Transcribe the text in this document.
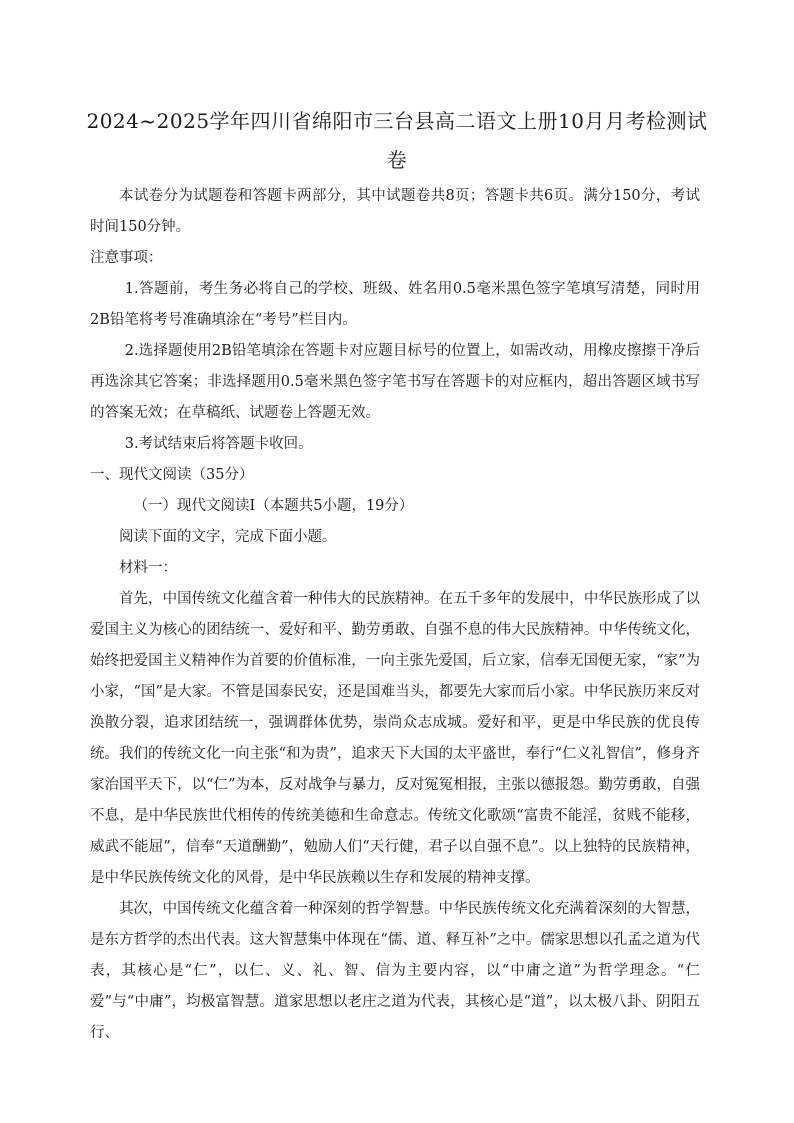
2024~2025学年四川省绵阳市三台县高二语文上册10月月考检测试
卷

本试卷分为试题卷和答题卡两部分，其中试题卷共8页；答题卡共6页。满分150分，考试时间150分钟。

注意事项：

1.答题前，考生务必将自己的学校、班级、姓名用0.5毫米黑色签字笔填写清楚，同时用2B铅笔将考号准确填涂在“考号”栏目内。

2.选择题使用2B铅笔填涂在答题卡对应题目标号的位置上，如需改动，用橡皮擦擦干净后再选涂其它答案；非选择题用0.5毫米黑色签字笔书写在答题卡的对应框内，超出答题区域书写的答案无效；在草稿纸、试题卷上答题无效。

3.考试结束后将答题卡收回。

一、现代文阅读（35分）

（一）现代文阅读Ⅰ（本题共5小题，19分）

阅读下面的文字，完成下面小题。

材料一：

首先，中国传统文化蕴含着一种伟大的民族精神。在五千多年的发展中，中华民族形成了以爱国主义为核心的团结统一、爱好和平、勤劳勇敢、自强不息的伟大民族精神。中华传统文化，始终把爱国主义精神作为首要的价值标准，一向主张先爱国，后立家，信奉无国便无家，“家”为小家，“国”是大家。不管是国泰民安，还是国难当头，都要先大家而后小家。中华民族历来反对涣散分裂，追求团结统一，强调群体优势，崇尚众志成城。爱好和平，更是中华民族的优良传统。我们的传统文化一向主张“和为贵”，追求天下大国的太平盛世，奉行“仁义礼智信”，修身齐家治国平天下，以“仁”为本，反对战争与暴力，反对冤冤相报，主张以德报怨。勤劳勇敢，自强不息，是中华民族世代相传的传统美德和生命意志。传统文化歌颂“富贵不能淫，贫贱不能移，威武不能屈”，信奉“天道酬勤”，勉励人们“天行健，君子以自强不息”。以上独特的民族精神，是中华民族传统文化的风骨，是中华民族赖以生存和发展的精神支撑。

其次，中国传统文化蕴含着一种深刻的哲学智慧。中华民族传统文化充满着深刻的大智慧，是东方哲学的杰出代表。这大智慧集中体现在“儒、道、释互补”之中。儒家思想以孔孟之道为代表，其核心是“仁”，以仁、义、礼、智、信为主要内容，以“中庸之道”为哲学理念。“仁爱”与“中庸”，均极富智慧。道家思想以老庄之道为代表，其核心是“道”，以太极八卦、阴阳五行、
